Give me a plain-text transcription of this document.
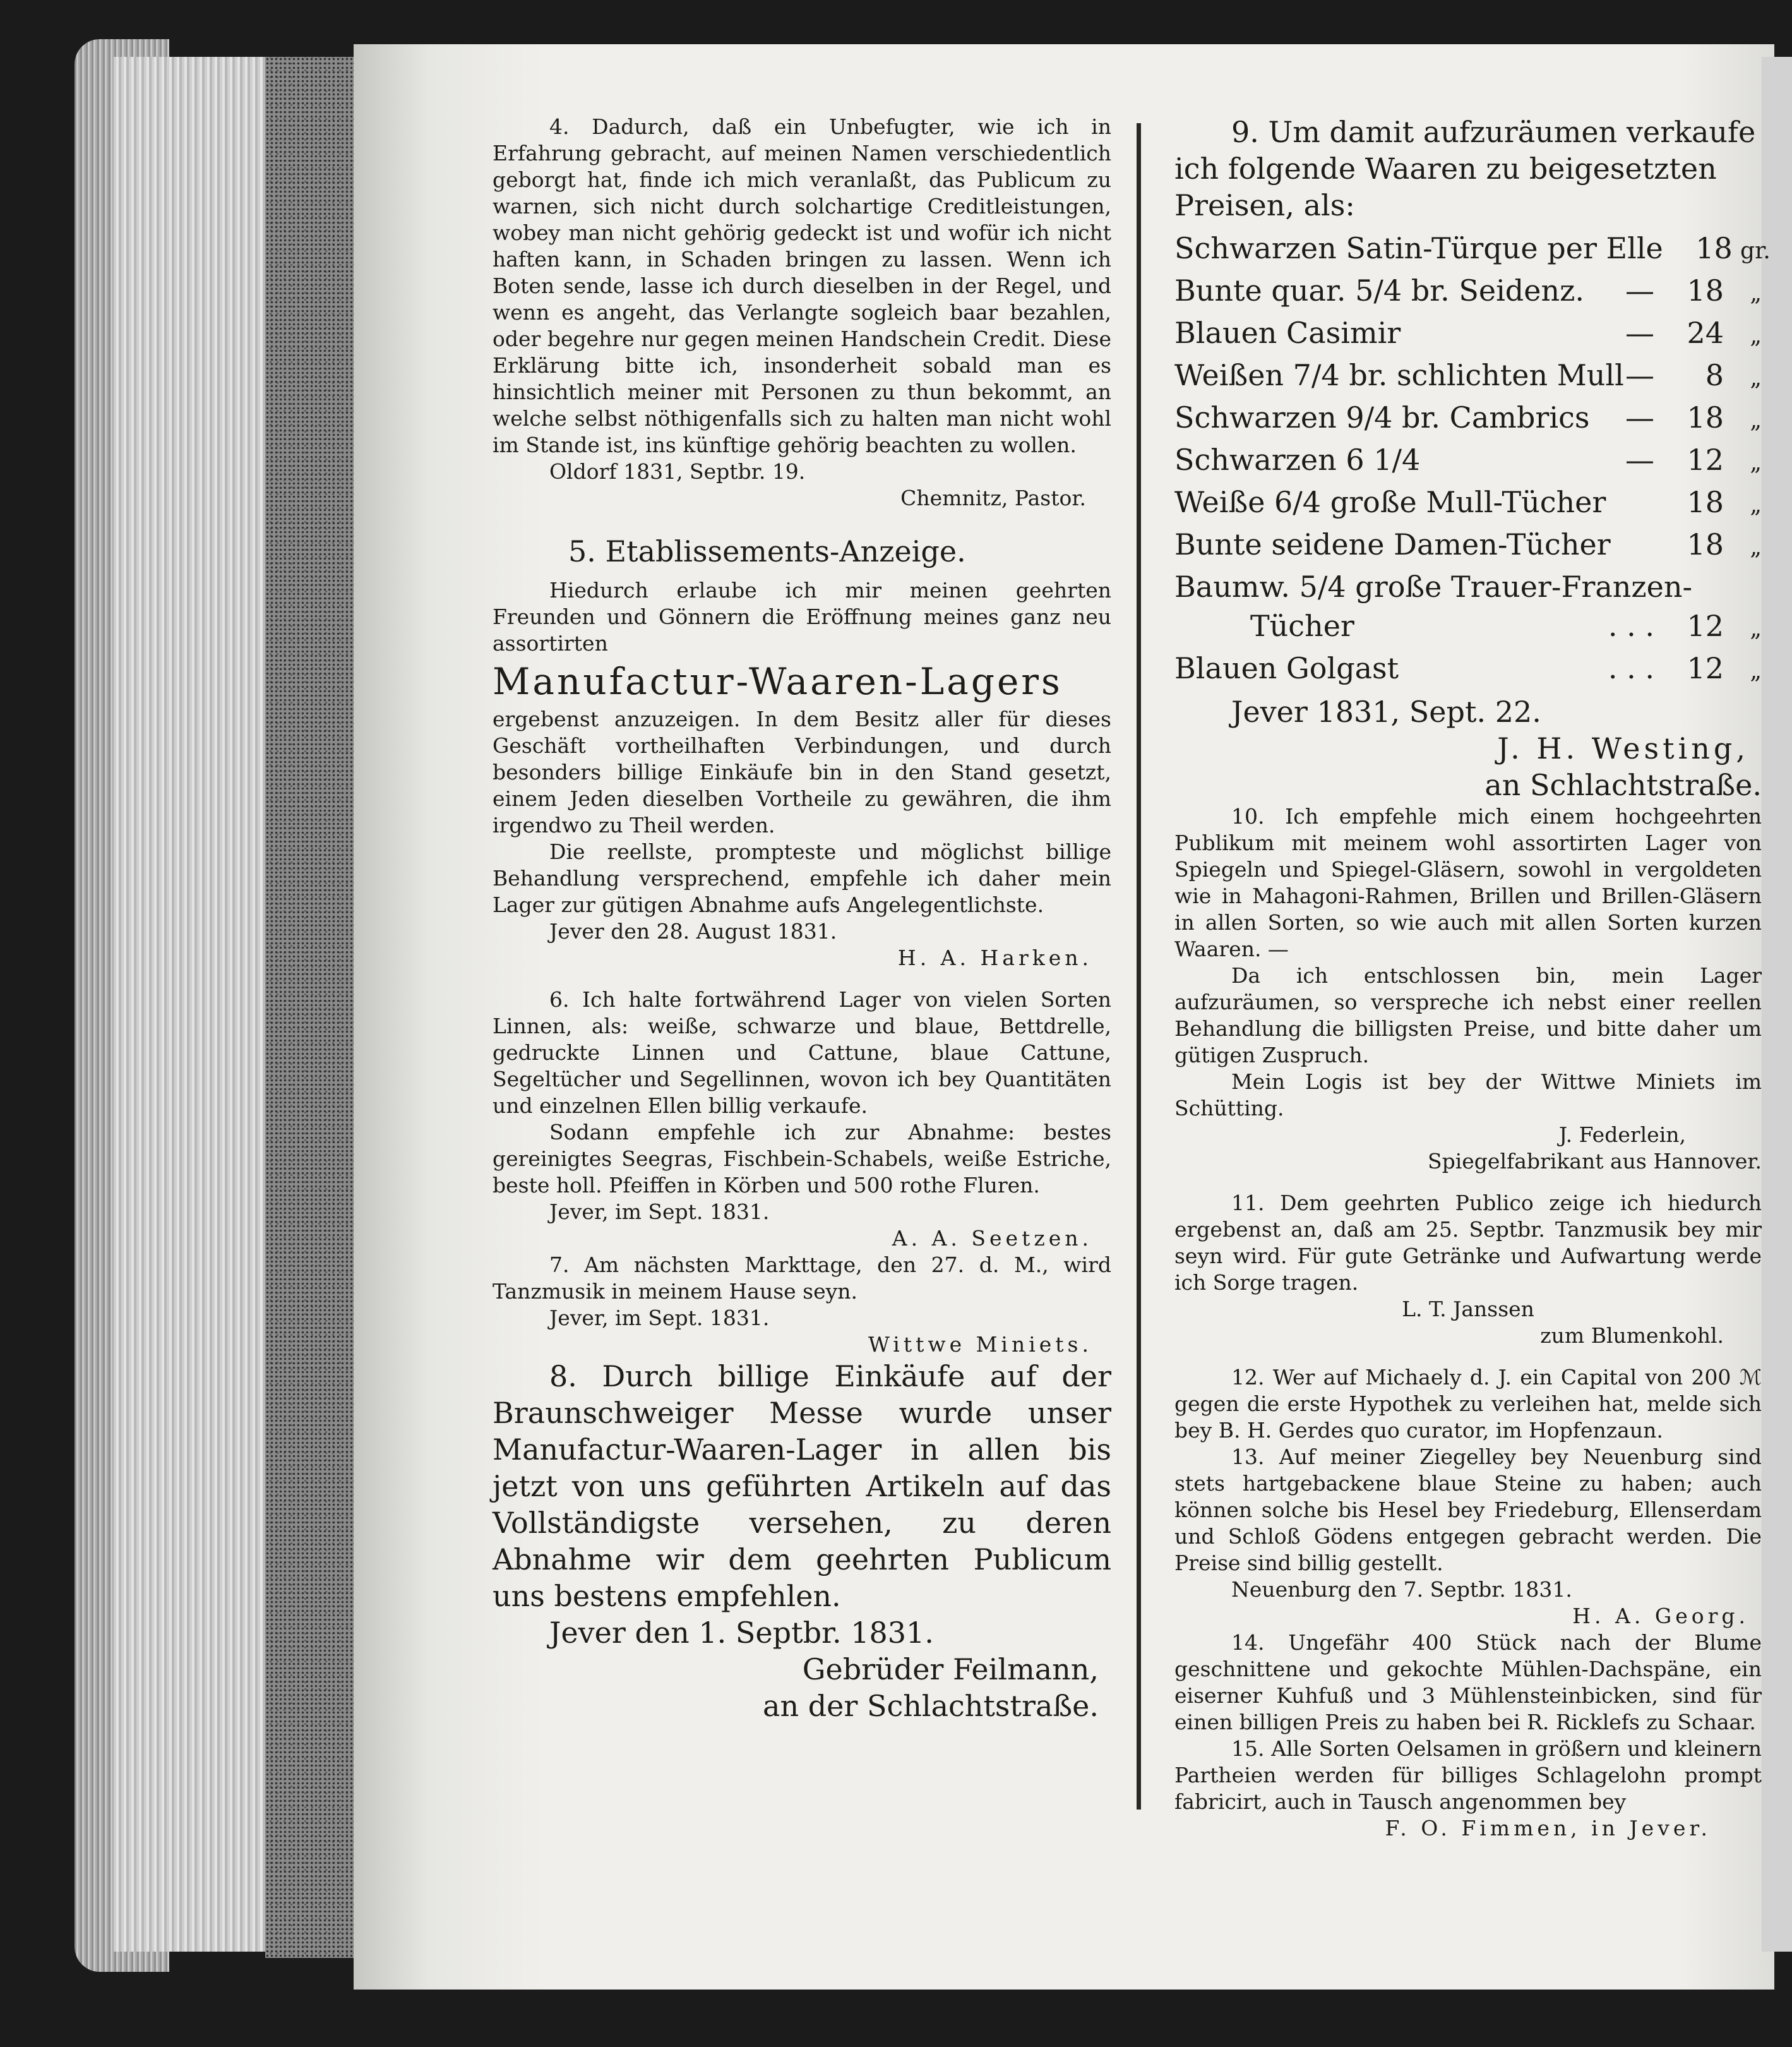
4. Dadurch, daß ein Unbefugter, wie ich in Erfahrung gebracht, auf meinen Namen verschiedentlich geborgt hat, finde ich mich veranlaßt, das Publicum zu warnen, sich nicht durch solchartige Creditleistungen, wobey man nicht gehörig gedeckt ist und wofür ich nicht haften kann, in Schaden bringen zu lassen. Wenn ich Boten sende, lasse ich durch dieselben in der Regel, und wenn es angeht, das Verlangte sogleich baar bezahlen, oder begehre nur gegen meinen Handschein Credit. Diese Erklärung bitte ich, insonderheit sobald man es hinsichtlich meiner mit Personen zu thun bekommt, an welche selbst nöthigenfalls sich zu halten man nicht wohl im Stande ist, ins künftige gehörig beachten zu wollen.

Oldorf 1831, Septbr. 19.

Chemnitz, Pastor.

5. Etablissements-Anzeige.

Hiedurch erlaube ich mir meinen geehrten Freunden und Gönnern die Eröffnung meines ganz neu assortirten

Manufactur-Waaren-Lagers

ergebenst anzuzeigen. In dem Besitz aller für dieses Geschäft vortheilhaften Verbindungen, und durch besonders billige Einkäufe bin in den Stand gesetzt, einem Jeden dieselben Vortheile zu gewähren, die ihm irgendwo zu Theil werden.

Die reellste, prompteste und möglichst billige Behandlung versprechend, empfehle ich daher mein Lager zur gütigen Abnahme aufs Angelegentlichste.

Jever den 28. August 1831.

H. A. Harken.

6. Ich halte fortwährend Lager von vielen Sorten Linnen, als: weiße, schwarze und blaue, Bettdrelle, gedruckte Linnen und Cattune, blaue Cattune, Segeltücher und Segellinnen, wovon ich bey Quantitäten und einzelnen Ellen billig verkaufe.

Sodann empfehle ich zur Abnahme: bestes gereinigtes Seegras, Fischbein-Schabels, weiße Estriche, beste holl. Pfeiffen in Körben und 500 rothe Fluren.

Jever, im Sept. 1831.

A. A. Seetzen.

7. Am nächsten Markttage, den 27. d. M., wird Tanzmusik in meinem Hause seyn.

Jever, im Sept. 1831.

Wittwe Miniets.

8. Durch billige Einkäufe auf der Braunschweiger Messe wurde unser Manufactur-Waaren-Lager in allen bis jetzt von uns geführten Artikeln auf das Vollständigste versehen, zu deren Abnahme wir dem geehrten Publicum uns bestens empfehlen.

Jever den 1. Septbr. 1831.

Gebrüder Feilmann,

an der Schlachtstraße.

9. Um damit aufzuräumen verkaufe ich folgende Waaren zu beigesetzten Preisen, als:

Schwarzen Satin-Türque per Elle 18 gr.
Bunte quar. 5/4 br. Seidenz.	—	18	„
Blauen Casimir	—	24	„
Weißen 7/4 br. schlichten Mull —	8	„
Schwarzen 9/4 br. Cambrics	—	18	„
Schwarzen 6 1/4	—	12	„
Weiße 6/4 große Mull-Tücher	18	„
Bunte seidene Damen-Tücher	18	„
Baumw. 5/4 große Trauer-Franzen-
Tücher	. . .	12	„
Blauen Golgast	. . .	12	„

Jever 1831, Sept. 22.

J. H. Westing,

an Schlachtstraße.

10. Ich empfehle mich einem hochgeehrten Publikum mit meinem wohl assortirten Lager von Spiegeln und Spiegel-Gläsern, sowohl in vergoldeten wie in Mahagoni-Rahmen, Brillen und Brillen-Gläsern in allen Sorten, so wie auch mit allen Sorten kurzen Waaren. —

Da ich entschlossen bin, mein Lager aufzuräumen, so verspreche ich nebst einer reellen Behandlung die billigsten Preise, und bitte daher um gütigen Zuspruch.

Mein Logis ist bey der Wittwe Miniets im Schütting.

J. Federlein,

Spiegelfabrikant aus Hannover.

11. Dem geehrten Publico zeige ich hiedurch ergebenst an, daß am 25. Septbr. Tanzmusik bey mir seyn wird. Für gute Getränke und Aufwartung werde ich Sorge tragen.

L. T. Janssen

zum Blumenkohl.

12. Wer auf Michaely d. J. ein Capital von 200 ℳ gegen die erste Hypothek zu verleihen hat, melde sich bey B. H. Gerdes quo curator, im Hopfenzaun.

13. Auf meiner Ziegelley bey Neuenburg sind stets hartgebackene blaue Steine zu haben; auch können solche bis Hesel bey Friedeburg, Ellenserdam und Schloß Gödens entgegen gebracht werden. Die Preise sind billig gestellt.

Neuenburg den 7. Septbr. 1831.

H. A. Georg.

14. Ungefähr 400 Stück nach der Blume geschnittene und gekochte Mühlen-Dachspäne, ein eiserner Kuhfuß und 3 Mühlensteinbicken, sind für einen billigen Preis zu haben bei R. Ricklefs zu Schaar.

15. Alle Sorten Oelsamen in größern und kleinern Partheien werden für billiges Schlagelohn prompt fabricirt, auch in Tausch angenommen bey

F. O. Fimmen, in Jever.
